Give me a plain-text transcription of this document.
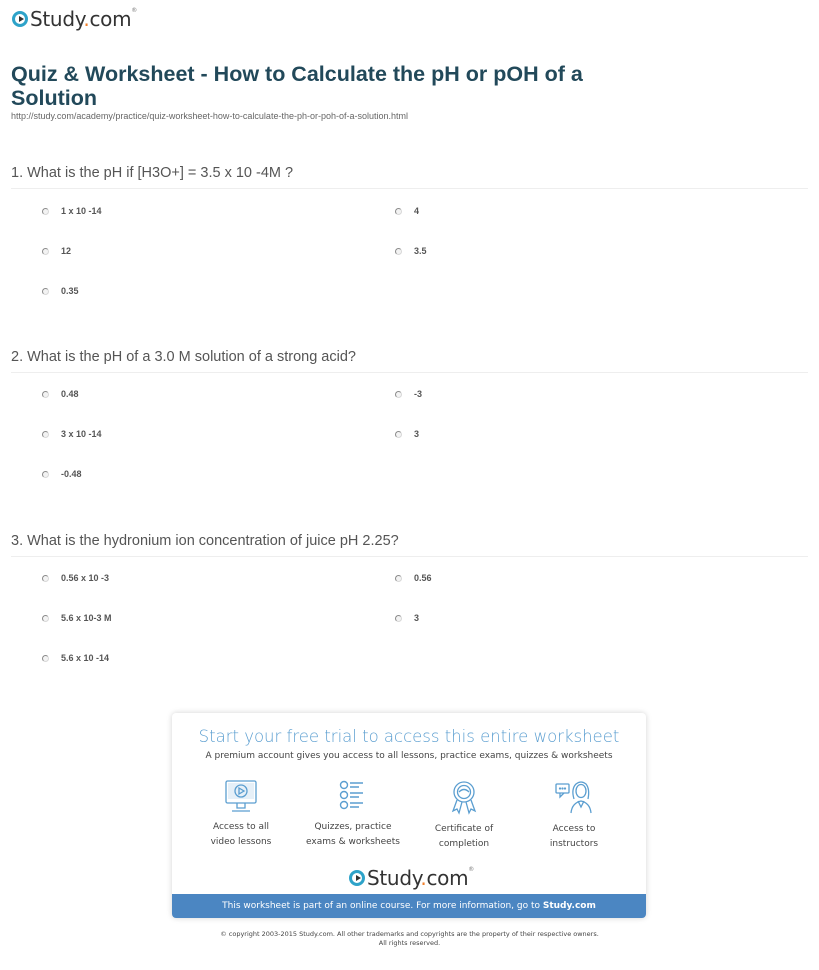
Study.com®
Quiz & Worksheet - How to Calculate the pH or pOH of a Solution
http://study.com/academy/practice/quiz-worksheet-how-to-calculate-the-ph-or-poh-of-a-solution.html
1. What is the pH if [H3O+] = 3.5 x 10 -4M ?
1 x 10 -14	4
12	3.5
0.35
2. What is the pH of a 3.0 M solution of a strong acid?
0.48	-3
3 x 10 -14	3
-0.48
3. What is the hydronium ion concentration of juice pH 2.25?
0.56 x 10 -3	0.56
5.6 x 10-3 M	3
5.6 x 10 -14
Start your free trial to access this entire worksheet
A premium account gives you access to all lessons, practice exams, quizzes & worksheets
Access to all
video lessons
Quizzes, practice
exams & worksheets
Certificate of
completion
Access to
instructors
Study.com®
This worksheet is part of an online course. For more information, go to Study.com
© copyright 2003-2015 Study.com. All other trademarks and copyrights are the property of their respective owners.
All rights reserved.
